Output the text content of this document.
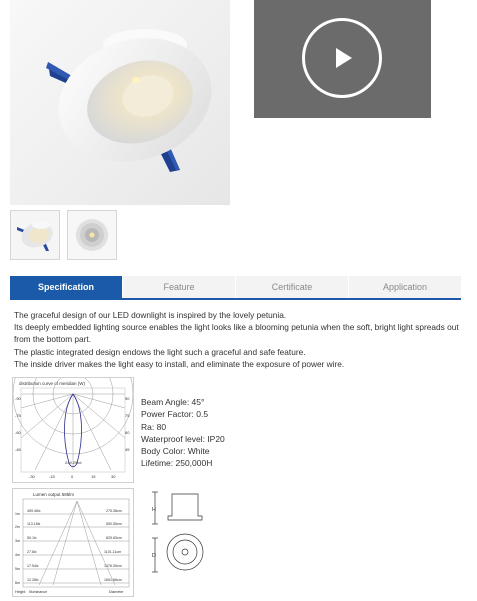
Specification	Feature	Certificate	Application

The graceful design of our LED downlight is inspired by the lovely petunia.

Its deeply embedded lighting source enables the light looks like a blooming petunia when the soft, bright light spreads out from the bottom part.

The plastic integrated design endows the light such a graceful and safe feature.

The inside driver makes the light easy to install, and eliminate the exposure of power wire.

distribution curve of meridian (W)
-90
-75
-60
-45
90
75
60
45
249.29cd
-30	-15	0	15	30
Beam Angle: 45°
Power Factor: 0.5
Ra: 80
Waterproof level: IP20
Body Color: White
Lifetime: 250,000H
Lumen output 585lm
1m
2m
3m
4m
5m
6m
459.46lx
113.18lx
50.1lx
27.6lx
17.54lx
12.28lx
275.38cm
550.55cm
825.83cm
1101.11cm
1376.39cm
1651.66cm
Height Illuminance	Diameter
H
D
